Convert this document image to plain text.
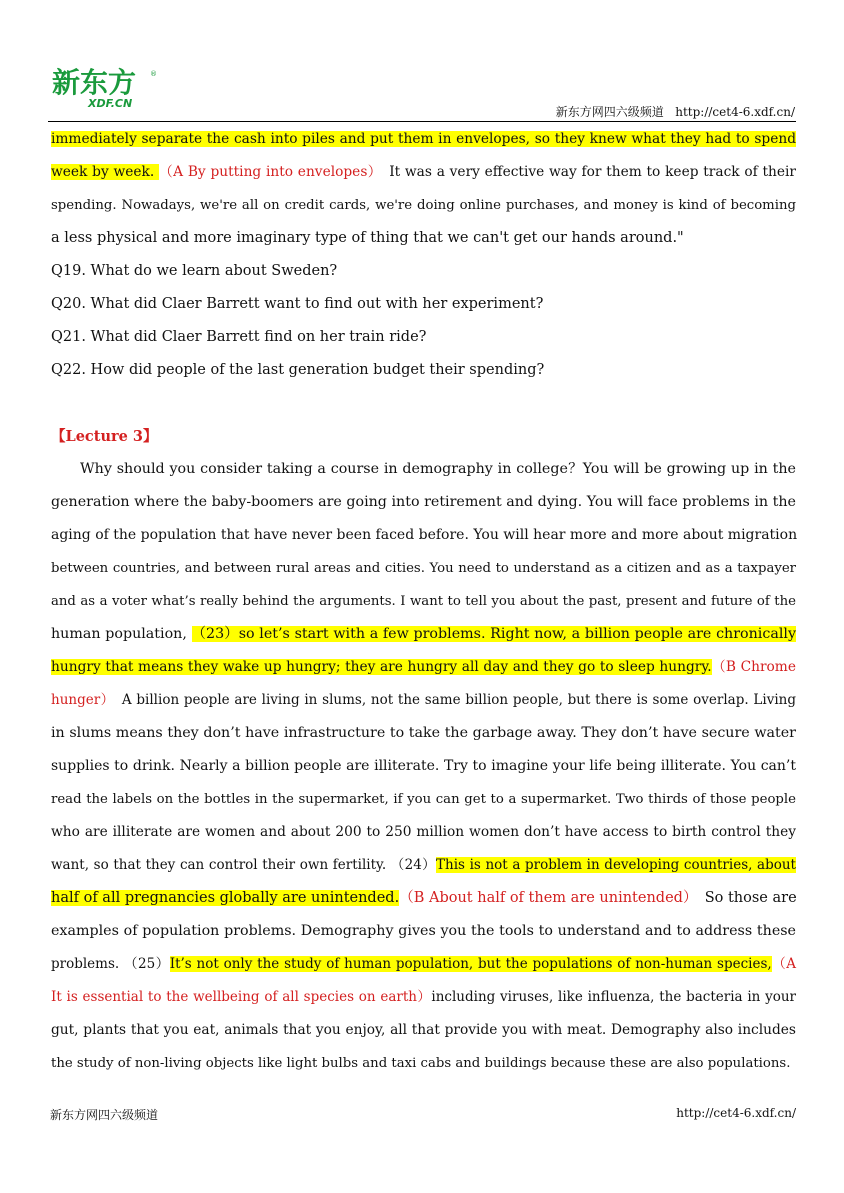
新东方
XDF.CN
®
新东方网四六级频道 http://cet4-6.xdf.cn/
immediately separate the cash into piles and put them in envelopes, so they knew what they had to spend
week by week. （A By putting into envelopes）　It was a very effective way for them to keep track of their
spending. Nowadays, we're all on credit cards, we're doing online purchases, and money is kind of becoming
a less physical and more imaginary type of thing that we can't get our hands around."
Q19. What do we learn about Sweden?
Q20. What did Claer Barrett want to find out with her experiment?
Q21. What did Claer Barrett find on her train ride?
Q22. How did people of the last generation budget their spending?
【Lecture 3】
Why should you consider taking a course in demography in college？You will be growing up in the
generation where the baby-boomers are going into retirement and dying. You will face problems in the
aging of the population that have never been faced before. You will hear more and more about migration
between countries, and between rural areas and cities. You need to understand as a citizen and as a taxpayer
and as a voter what’s really behind the arguments. I want to tell you about the past, present and future of the
human population, （23）so let’s start with a few problems. Right now, a billion people are chronically
hungry that means they wake up hungry; they are hungry all day and they go to sleep hungry.（B Chrome
hunger）　A billion people are living in slums, not the same billion people, but there is some overlap. Living
in slums means they don’t have infrastructure to take the garbage away. They don’t have secure water
supplies to drink. Nearly a billion people are illiterate. Try to imagine your life being illiterate. You can’t
read the labels on the bottles in the supermarket, if you can get to a supermarket. Two thirds of those people
who are illiterate are women and about 200 to 250 million women don’t have access to birth control they
want, so that they can control their own fertility. （24）This is not a problem in developing countries, about
half of all pregnancies globally are unintended.（B About half of them are unintended）　So those are
examples of population problems. Demography gives you the tools to understand and to address these
problems. （25）It’s not only the study of human population, but the populations of non-human species,（A
It is essential to the wellbeing of all species on earth）including viruses, like influenza, the bacteria in your
gut, plants that you eat, animals that you enjoy, all that provide you with meat. Demography also includes
the study of non-living objects like light bulbs and taxi cabs and buildings because these are also populations.
新东方网四六级频道	http://cet4-6.xdf.cn/
